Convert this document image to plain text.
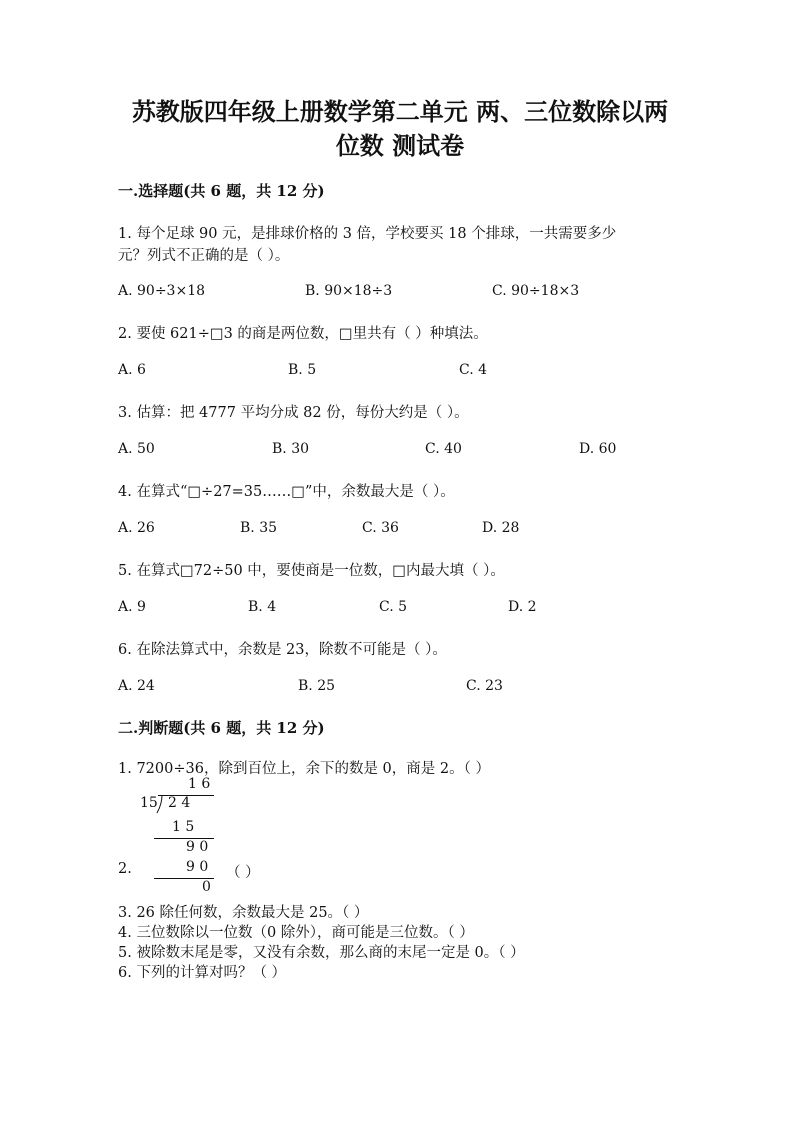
苏教版四年级上册数学第二单元 两、三位数除以两
位数 测试卷

一.选择题(共 6 题，共 12 分)

1. 每个足球 90 元，是排球价格的 3 倍，学校要买 18 个排球，一共需要多少

元？列式不正确的是（ ）。

A. 90÷3×18	B. 90×18÷3	C. 90÷18×3

2. 要使 621÷□3 的商是两位数，□里共有（ ）种填法。

A. 6	B. 5	C. 4

3. 估算：把 4777 平均分成 82 份，每份大约是（ ）。

A. 50	B. 30	C. 40	D. 60

4. 在算式“□÷27=35……□”中，余数最大是（ ）。

A. 26	B. 35	C. 36	D. 28

5. 在算式□72÷50 中，要使商是一位数，□内最大填（ ）。

A. 9	B. 4	C. 5	D. 2

6. 在除法算式中，余数是 23，除数不可能是（ ）。

A. 24	B. 25	C. 23

二.判断题(共 6 题，共 12 分)

1. 7200÷36，除到百位上，余下的数是 0，商是 2。（ ）

1 6
15 2 4
1 5
9 0
9 0
0

2.	（ ）

3. 26 除任何数，余数最大是 25。（ ）

4. 三位数除以一位数（0 除外），商可能是三位数。（ ）

5. 被除数末尾是零，又没有余数，那么商的末尾一定是 0。（ ）

6. 下列的计算对吗？（ ）
